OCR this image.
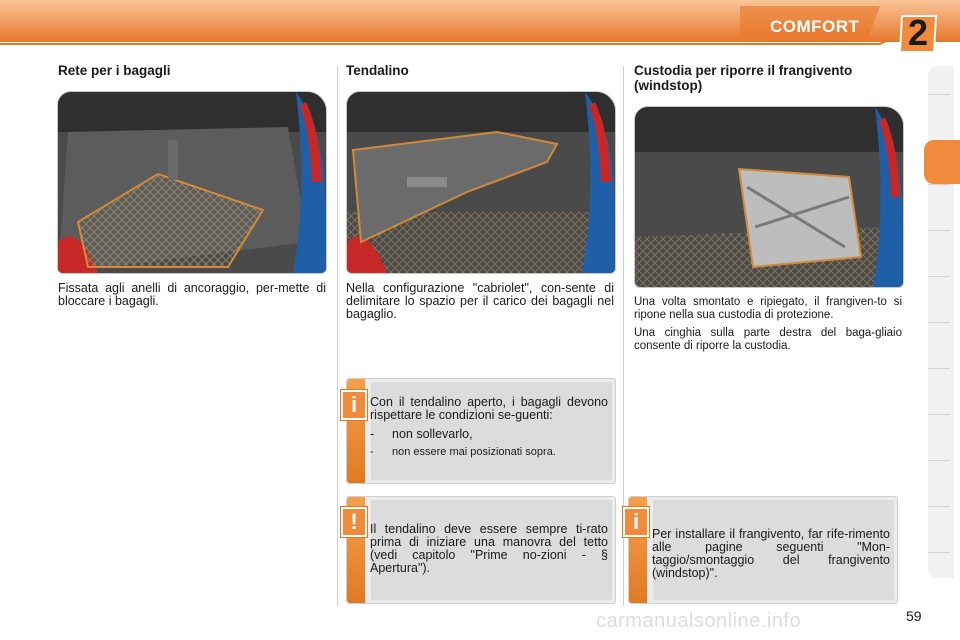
COMFORT	2
Rete per i bagagli
Fissata agli anelli di ancoraggio, per-mette di bloccare i bagagli.
Tendalino
Nella configurazione "cabriolet", con-sente di delimitare lo spazio per il carico dei bagagli nel bagaglio.
Custodia per riporre il frangivento (windstop)

Una volta smontato e ripiegato, il frangiven-to si ripone nella sua custodia di protezione.

Una cinghia sulla parte destra del baga-gliaio consente di riporre la custodia.

i	Con il tendalino aperto, i bagagli devono rispettare le condizioni se-guenti:

-	non sollevarlo,
-	non essere mai posizionati sopra.
! Il tendalino deve essere sempre ti-rato prima di iniziare una manovra del tetto (vedi capitolo "Prime no-zioni - § Apertura").
i	Per installare il frangivento, far rife-rimento alle pagine seguenti "Mon-taggio/smontaggio del frangivento (windstop)".
carmanualsonline.info	59
